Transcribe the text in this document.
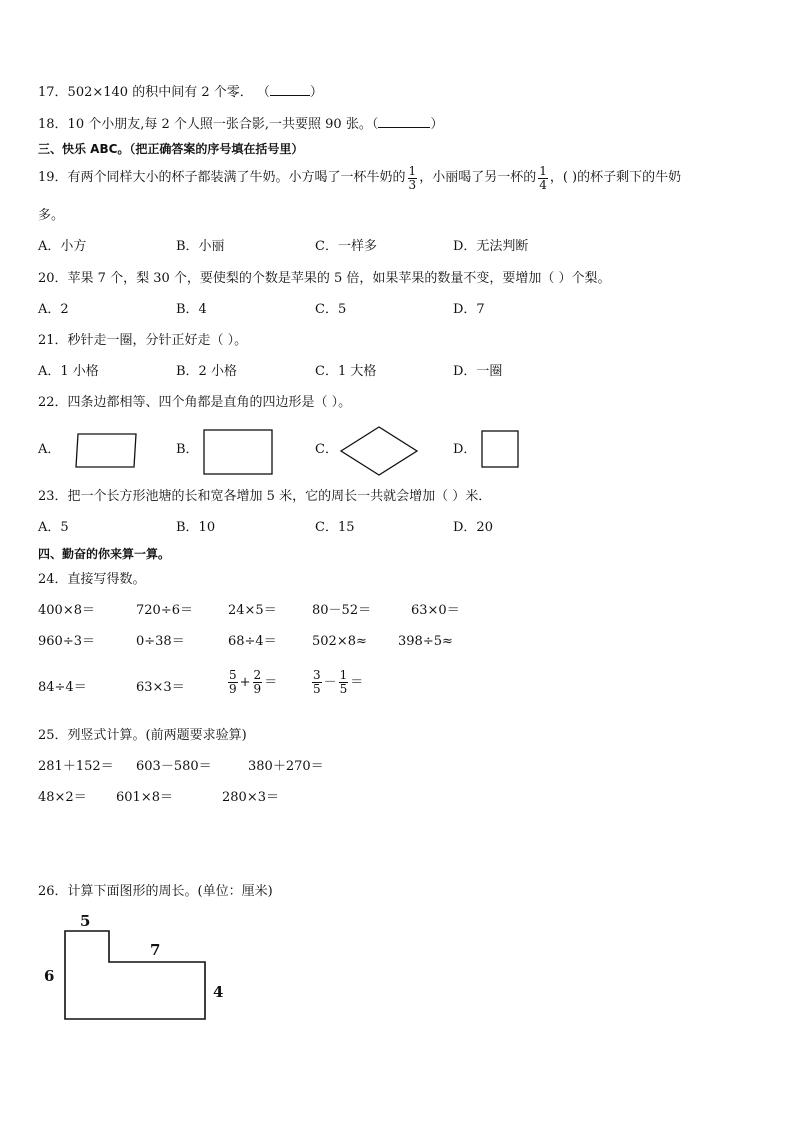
17．502×140 的积中间有 2 个零． （	）
18．10 个小朋友,每 2 个人照一张合影,一共要照 90 张。（	）
三、快乐 ABC。（把正确答案的序号填在括号里）
19．有两个同样大小的杯子都装满了牛奶。小方喝了一杯牛奶的 $\frac{1}{3}$ ，小丽喝了另一杯的 $\frac{1}{4}$ ，( )的杯子剩下的牛奶
多。
A．小方	B．小丽	C．一样多	D．无法判断
20．苹果 7 个，梨 30 个，要使梨的个数是苹果的 5 倍，如果苹果的数量不变，要增加（ ）个梨。
A．2	B．4	C．5	D．7
21．秒针走一圈，分针正好走（ ）。
A．1 小格	B．2 小格	C．1 大格	D．一圈
22．四条边都相等、四个角都是直角的四边形是（ ）。
A．	B．	C．	D．
23．把一个长方形池塘的长和宽各增加 5 米，它的周长一共就会增加（ ）米．
A．5	B．10	C．15	D．20
四、勤奋的你来算一算。
24．直接写得数。
400×8＝	720÷6＝	24×5＝	80－52＝	63×0＝
960÷3＝	0÷38＝	68÷4＝	502×8≈ 398÷5≈
84÷4＝	63×3＝	$\frac{5}{9} + \frac{2}{9}$ ＝	$\frac{3}{5} - \frac{1}{5}$ ＝
25．列竖式计算。(前两题要求验算)
281＋152＝ 603－580＝	380＋270＝
48×2＝ 601×8＝	280×3＝
26．计算下面图形的周长。(单位：厘米)
5
7
6
4
